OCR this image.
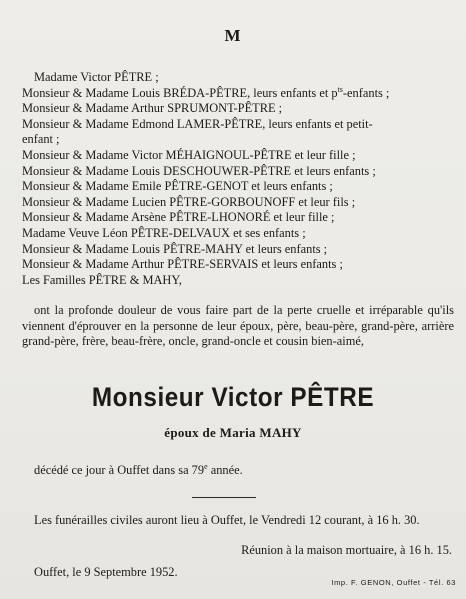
M
Madame Victor PÊTRE ;
Monsieur & Madame Louis BRÉDA-PÊTRE, leurs enfants et $p^{ts}$-enfants ;
Monsieur & Madame Arthur SPRUMONT-PÊTRE ;
Monsieur & Madame Edmond LAMER-PÊTRE, leurs enfants et petit-
enfant ;
Monsieur & Madame Victor MÉHAIGNOUL-PÊTRE et leur fille ;
Monsieur & Madame Louis DESCHOUWER-PÊTRE et leurs enfants ;
Monsieur & Madame Emile PÊTRE-GENOT et leurs enfants ;
Monsieur & Madame Lucien PÊTRE-GORBOUNOFF et leur fils ;
Monsieur & Madame Arsène PÊTRE-LHONORÉ et leur fille ;
Madame Veuve Léon PÊTRE-DELVAUX et ses enfants ;
Monsieur & Madame Louis PÊTRE-MAHY et leurs enfants ;
Monsieur & Madame Arthur PÊTRE-SERVAIS et leurs enfants ;
Les Familles PÊTRE & MAHY,
ont la profonde douleur de vous faire part de la perte cruelle et irréparable qu'ils viennent d'éprouver en la personne de leur époux, père, beau-père, grand-père, arrière grand-père, frère, beau-frère, oncle, grand-oncle et cousin bien-aimé,
Monsieur Victor PÊTRE
époux de Maria MAHY
décédé ce jour à Ouffet dans sa 79e année.
Les funérailles civiles auront lieu à Ouffet, le Vendredi 12 courant, à 16 h. 30.
Réunion à la maison mortuaire, à 16 h. 15.
Ouffet, le 9 Septembre 1952.
Imp. F. GENON, Ouffet - Tél. 63
